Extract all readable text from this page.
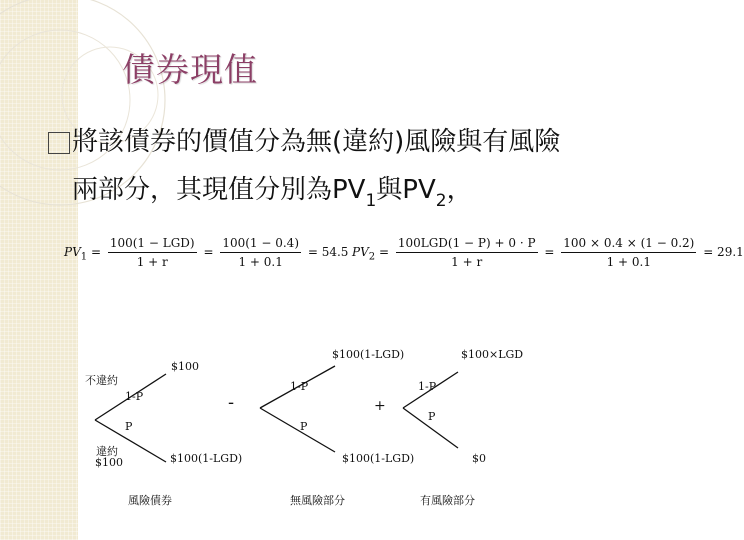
債券現值
將該債券的價值分為無(違約)風險與有風險
兩部分，其現值分別為$PV_1$與$PV_2$，
$PV_1 = \frac{\text{100(1 − LGD)}}{1 + r} = \frac{100(1 - 0.4)}{1 + 0.1} = 54.5$ $PV_2 = \frac{\text{100LGD(1 − P) + 0 · P}}{1 + r} = \frac{100 \times 0.4 \times (1 - 0.2)}{1 + 0.1} = 29.1$
不違約
$100
1-P
P
違約
$100	$100(1-LGD)
風險債券
-
$100(1-LGD)
1-P
P
$100(1-LGD)
無風險部分
+
$100×LGD
1-P
P
$0
有風險部分
